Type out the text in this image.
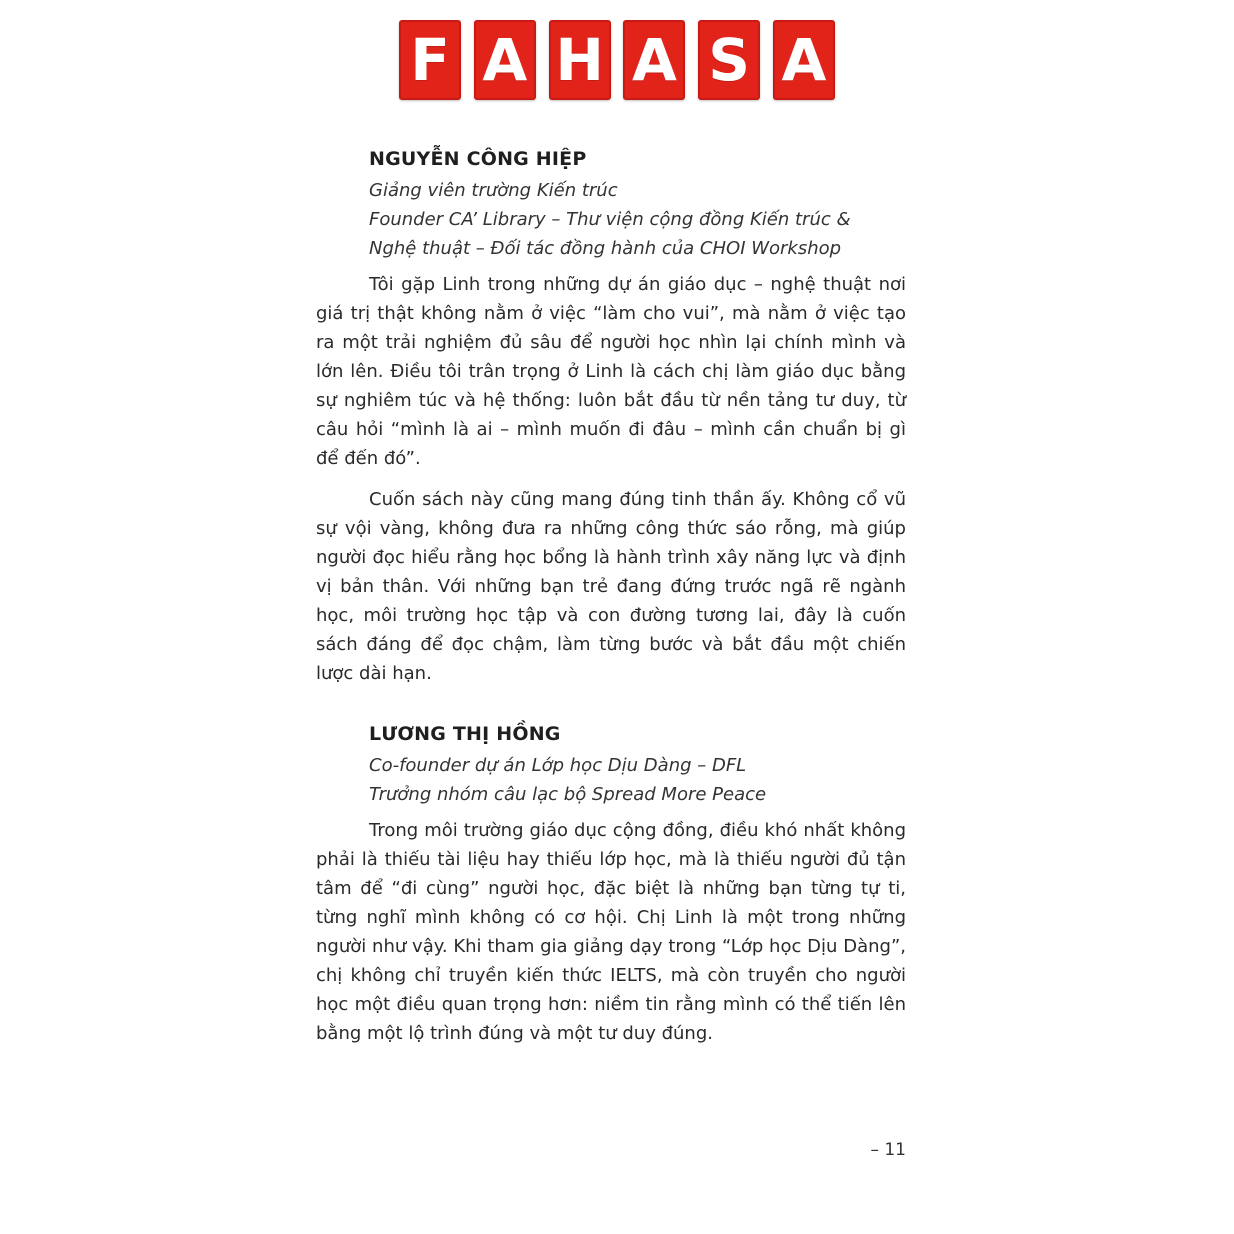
F A H A S A
NGUYỄN CÔNG HIỆP

Giảng viên trường Kiến trúc

Founder CA’ Library – Thư viện cộng đồng Kiến trúc &

Nghệ thuật – Đối tác đồng hành của CHOI Workshop

Tôi gặp Linh trong những dự án giáo dục – nghệ thuật nơi giá trị thật không nằm ở việc “làm cho vui”, mà nằm ở việc tạo ra một trải nghiệm đủ sâu để người học nhìn lại chính mình và lớn lên. Điều tôi trân trọng ở Linh là cách chị làm giáo dục bằng sự nghiêm túc và hệ thống: luôn bắt đầu từ nền tảng tư duy, từ câu hỏi “mình là ai – mình muốn đi đâu – mình cần chuẩn bị gì để đến đó”.

Cuốn sách này cũng mang đúng tinh thần ấy. Không cổ vũ sự vội vàng, không đưa ra những công thức sáo rỗng, mà giúp người đọc hiểu rằng học bổng là hành trình xây năng lực và định vị bản thân. Với những bạn trẻ đang đứng trước ngã rẽ ngành học, môi trường học tập và con đường tương lai, đây là cuốn sách đáng để đọc chậm, làm từng bước và bắt đầu một chiến lược dài hạn.

LƯƠNG THỊ HỒNG

Co-founder dự án Lớp học Dịu Dàng – DFL

Trưởng nhóm câu lạc bộ Spread More Peace

Trong môi trường giáo dục cộng đồng, điều khó nhất không phải là thiếu tài liệu hay thiếu lớp học, mà là thiếu người đủ tận tâm để “đi cùng” người học, đặc biệt là những bạn từng tự ti, từng nghĩ mình không có cơ hội. Chị Linh là một trong những người như vậy. Khi tham gia giảng dạy trong “Lớp học Dịu Dàng”, chị không chỉ truyền kiến thức IELTS, mà còn truyền cho người học một điều quan trọng hơn: niềm tin rằng mình có thể tiến lên bằng một lộ trình đúng và một tư duy đúng.

– 11
